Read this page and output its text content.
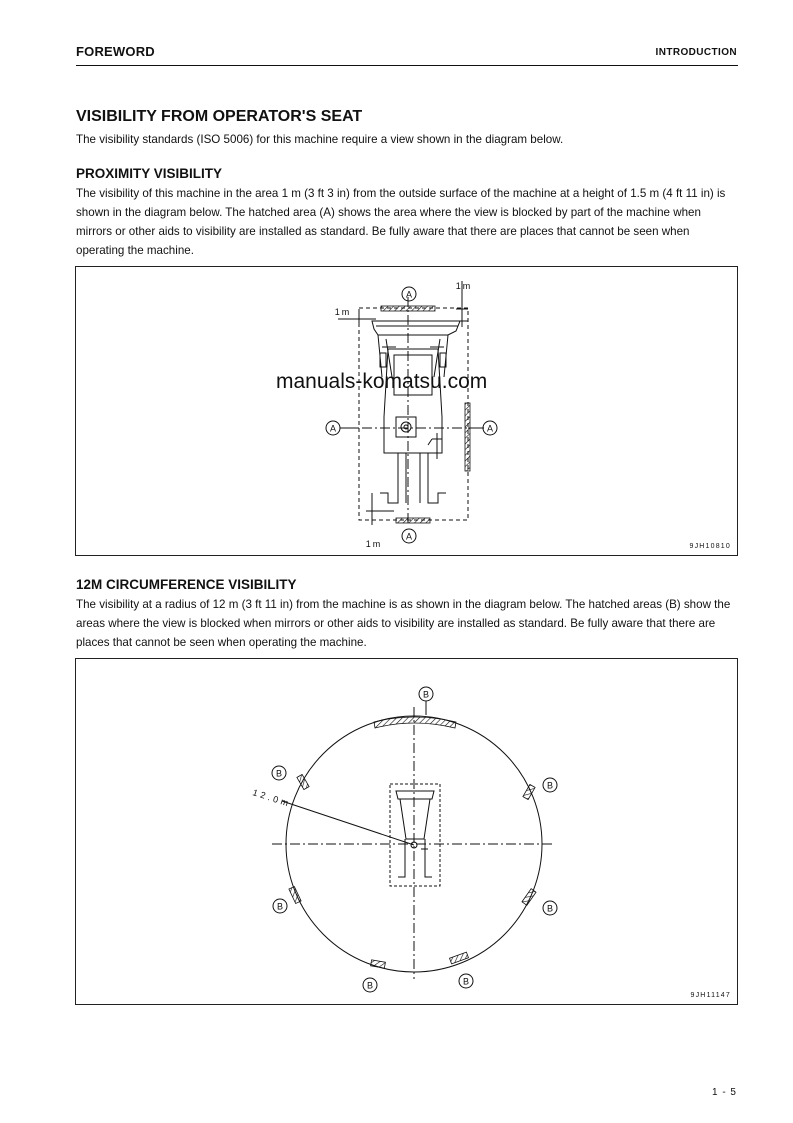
FOREWORD	INTRODUCTION
VISIBILITY FROM OPERATOR'S SEAT

The visibility standards (ISO 5006) for this machine require a view shown in the diagram below.

PROXIMITY VISIBILITY

The visibility of this machine in the area 1 m (3 ft 3 in) from the outside surface of the machine at a height of 1.5 m (4 ft 11 in) is shown in the diagram below. The hatched area (A) shows the area where the view is blocked by part of the machine when mirrors or other aids to visibility are installed as standard. Be fully aware that there are places that cannot be seen when operating the machine.

A
A	A
A
1m
1m
1m	9JH10810
12M CIRCUMFERENCE VISIBILITY

The visibility at a radius of 12 m (3 ft 11 in) from the machine is as shown in the diagram below. The hatched areas (B) show the areas where the view is blocked when mirrors or other aids to visibility are installed as standard. Be fully aware that there are places that cannot be seen when operating the machine.

B
B
B
B	B
B	B
12.0m
9JH11147
manuals-komatsu.com
1 - 5
